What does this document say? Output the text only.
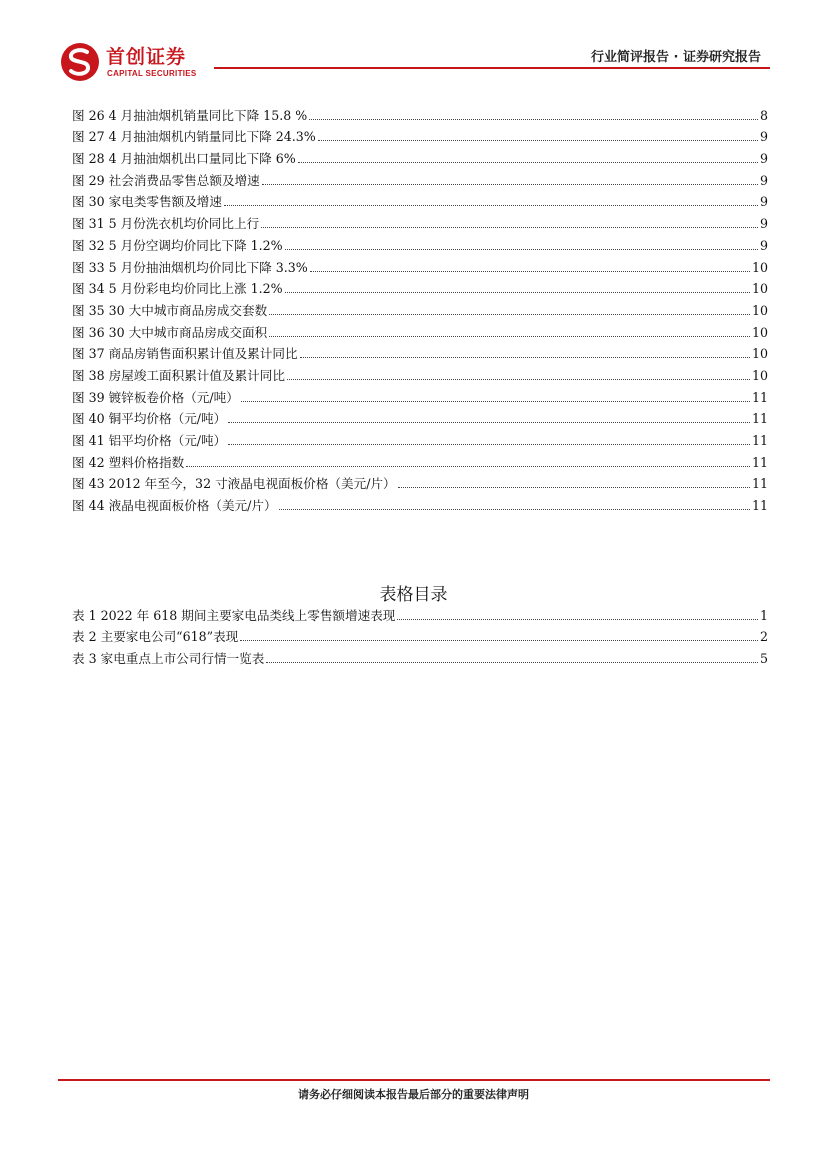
首创证券
CAPITAL SECURITIES
行业简评报告 · 证券研究报告
图 26 4 月抽油烟机销量同比下降 15.8 %	8
图 27 4 月抽油烟机内销量同比下降 24.3%	9
图 28 4 月抽油烟机出口量同比下降 6%	9
图 29 社会消费品零售总额及增速	9
图 30 家电类零售额及增速	9
图 31 5 月份洗衣机均价同比上行	9
图 32 5 月份空调均价同比下降 1.2%	9
图 33 5 月份抽油烟机均价同比下降 3.3%	10
图 34 5 月份彩电均价同比上涨 1.2%	10
图 35 30 大中城市商品房成交套数	10
图 36 30 大中城市商品房成交面积	10
图 37 商品房销售面积累计值及累计同比	10
图 38 房屋竣工面积累计值及累计同比	10
图 39 镀锌板卷价格（元/吨）	11
图 40 铜平均价格（元/吨）	11
图 41 铝平均价格（元/吨）	11
图 42 塑料价格指数	11
图 43 2012 年至今，32 寸液晶电视面板价格（美元/片）	11
图 44 液晶电视面板价格（美元/片）	11
表格目录
表 1 2022 年 618 期间主要家电品类线上零售额增速表现	1
表 2 主要家电公司“618”表现	2
表 3 家电重点上市公司行情一览表	5
请务必仔细阅读本报告最后部分的重要法律声明
